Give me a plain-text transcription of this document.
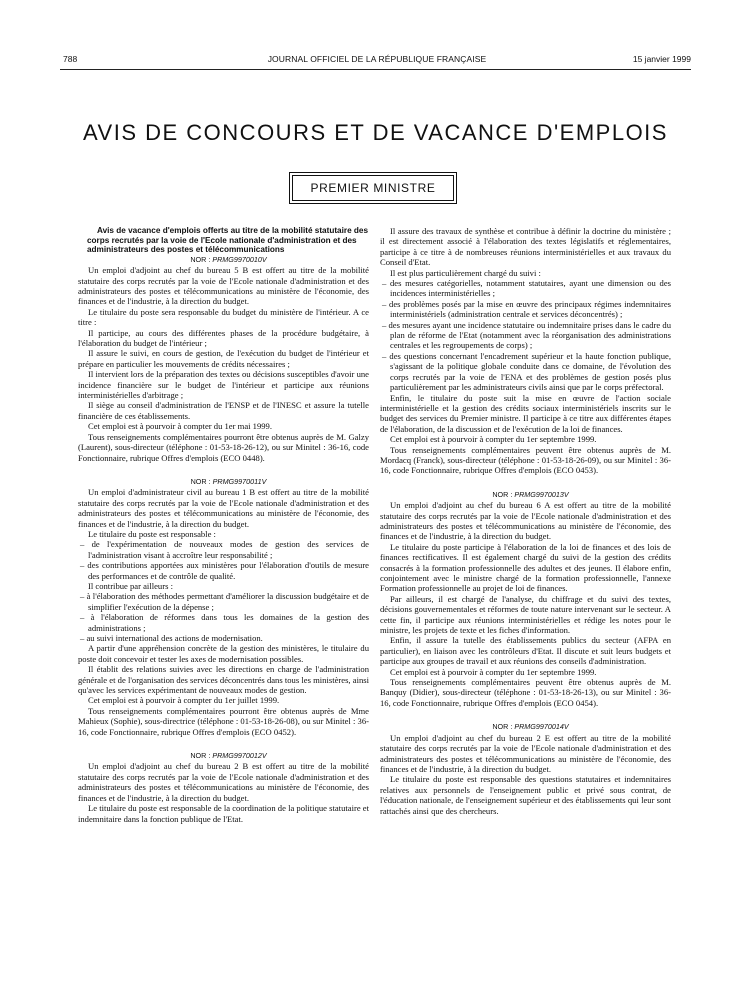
788	JOURNAL OFFICIEL DE LA RÉPUBLIQUE FRANÇAISE	15 janvier 1999
AVIS DE CONCOURS ET DE VACANCE D'EMPLOIS
PREMIER MINISTRE

Avis de vacance d'emplois offerts au titre de la mobilité statutaire des corps recrutés par la voie de l'Ecole nationale d'administration et des administrateurs des postes et télécommunications

NOR : PRMG9970010V

Un emploi d'adjoint au chef du bureau 5 B est offert au titre de la mobilité statutaire des corps recrutés par la voie de l'Ecole nationale d'administration et des administrateurs des postes et télécommunications au ministère de l'économie, des finances et de l'industrie, à la direction du budget.

Le titulaire du poste sera responsable du budget du ministère de l'intérieur. A ce titre :

Il participe, au cours des différentes phases de la procédure budgétaire, à l'élaboration du budget de l'intérieur ;

Il assure le suivi, en cours de gestion, de l'exécution du budget de l'intérieur et prépare en particulier les mouvements de crédits nécessaires ;

Il intervient lors de la préparation des textes ou décisions susceptibles d'avoir une incidence financière sur le budget de l'intérieur et participe aux réunions interministérielles d'arbitrage ;

Il siège au conseil d'administration de l'ENSP et de l'INESC et assure la tutelle financière de ces établissements.

Cet emploi est à pourvoir à compter du 1er mai 1999.

Tous renseignements complémentaires pourront être obtenus auprès de M. Galzy (Laurent), sous-directeur (téléphone : 01-53-18-26-12), ou sur Minitel : 36-16, code Fonctionnaire, rubrique Offres d'emplois (ECO 0448).

NOR : PRMG9970011V

Un emploi d'administrateur civil au bureau 1 B est offert au titre de la mobilité statutaire des corps recrutés par la voie de l'Ecole nationale d'administration et des administrateurs des postes et télécommunications au ministère de l'économie, des finances et de l'industrie, à la direction du budget.

Le titulaire du poste est responsable :

– de l'expérimentation de nouveaux modes de gestion des services de l'administration visant à accroître leur responsabilité ;

– des contributions apportées aux ministères pour l'élaboration d'outils de mesure des performances et de contrôle de qualité.

Il contribue par ailleurs :

– à l'élaboration des méthodes permettant d'améliorer la discussion budgétaire et de simplifier l'exécution de la dépense ;

– à l'élaboration de réformes dans tous les domaines de la gestion des administrations ;

– au suivi international des actions de modernisation.

A partir d'une appréhension concrète de la gestion des ministères, le titulaire du poste doit concevoir et tester les axes de modernisation possibles.

Il établit des relations suivies avec les directions en charge de l'administration générale et de l'organisation des services déconcentrés dans tous les ministères, ainsi qu'avec les services expérimentant de nouveaux modes de gestion.

Cet emploi est à pourvoir à compter du 1er juillet 1999.

Tous renseignements complémentaires pourront être obtenus auprès de Mme Mahieux (Sophie), sous-directrice (téléphone : 01-53-18-26-08), ou sur Minitel : 36-16, code Fonctionnaire, rubrique Offres d'emplois (ECO 0452).

NOR : PRMG9970012V

Un emploi d'adjoint au chef du bureau 2 B est offert au titre de la mobilité statutaire des corps recrutés par la voie de l'Ecole nationale d'administration et des administrateurs des postes et télécommunications au ministère de l'économie, des finances et de l'industrie, à la direction du budget.

Le titulaire du poste est responsable de la coordination de la politique statutaire et indemnitaire dans la fonction publique de l'Etat.

Il assure des travaux de synthèse et contribue à définir la doctrine du ministère ; il est directement associé à l'élaboration des textes législatifs et réglementaires, participe à ce titre à de nombreuses réunions interministérielles et aux travaux du Conseil d'Etat.

Il est plus particulièrement chargé du suivi :

– des mesures catégorielles, notamment statutaires, ayant une dimension ou des incidences interministérielles ;

– des problèmes posés par la mise en œuvre des principaux régimes indemnitaires interministériels (administration centrale et services déconcentrés) ;

– des mesures ayant une incidence statutaire ou indemnitaire prises dans le cadre du plan de réforme de l'Etat (notamment avec la réorganisation des administrations centrales et les regroupements de corps) ;

– des questions concernant l'encadrement supérieur et la haute fonction publique, s'agissant de la politique globale conduite dans ce domaine, de l'évolution des corps recrutés par la voie de l'ENA et des problèmes de gestion posés plus particulièrement par les administrateurs civils ainsi que par le corps préfectoral.

Enfin, le titulaire du poste suit la mise en œuvre de l'action sociale interministérielle et la gestion des crédits sociaux interministériels inscrits sur le budget des services du Premier ministre. Il participe à ce titre aux différentes étapes de l'élaboration, de la discussion et de l'exécution de la loi de finances.

Cet emploi est à pourvoir à compter du 1er septembre 1999.

Tous renseignements complémentaires peuvent être obtenus auprès de M. Mordacq (Franck), sous-directeur (téléphone : 01-53-18-26-09), ou sur Minitel : 36-16, code Fonctionnaire, rubrique Offres d'emplois (ECO 0453).

NOR : PRMG9970013V

Un emploi d'adjoint au chef du bureau 6 A est offert au titre de la mobilité statutaire des corps recrutés par la voie de l'Ecole nationale d'administration et des administrateurs des postes et télécommunications au ministère de l'économie, des finances et de l'industrie, à la direction du budget.

Le titulaire du poste participe à l'élaboration de la loi de finances et des lois de finances rectificatives. Il est également chargé du suivi de la gestion des crédits consacrés à la formation professionnelle des adultes et des jeunes. Il élabore enfin, conjointement avec le ministre chargé de la formation professionnelle, l'annexe Formation professionnelle au projet de loi de finances.

Par ailleurs, il est chargé de l'analyse, du chiffrage et du suivi des textes, décisions gouvernementales et réformes de toute nature intervenant sur le secteur. A cette fin, il participe aux réunions interministérielles et rédige les notes pour le ministre, les projets de texte et les fiches d'information.

Enfin, il assure la tutelle des établissements publics du secteur (AFPA en particulier), en liaison avec les contrôleurs d'Etat. Il discute et suit leurs budgets et participe aux groupes de travail et aux réunions des conseils d'administration.

Cet emploi est à pourvoir à compter du 1er septembre 1999.

Tous renseignements complémentaires peuvent être obtenus auprès de M. Banquy (Didier), sous-directeur (téléphone : 01-53-18-26-13), ou sur Minitel : 36-16, code Fonctionnaire, rubrique Offres d'emplois (ECO 0454).

NOR : PRMG9970014V

Un emploi d'adjoint au chef du bureau 2 E est offert au titre de la mobilité statutaire des corps recrutés par la voie de l'Ecole nationale d'administration et des administrateurs des postes et télécommunications au ministère de l'économie, des finances et de l'industrie, à la direction du budget.

Le titulaire du poste est responsable des questions statutaires et indemnitaires relatives aux personnels de l'enseignement public et privé sous contrat, de l'éducation nationale, de l'enseignement supérieur et des établissements qui leur sont rattachés ainsi que des chercheurs.
